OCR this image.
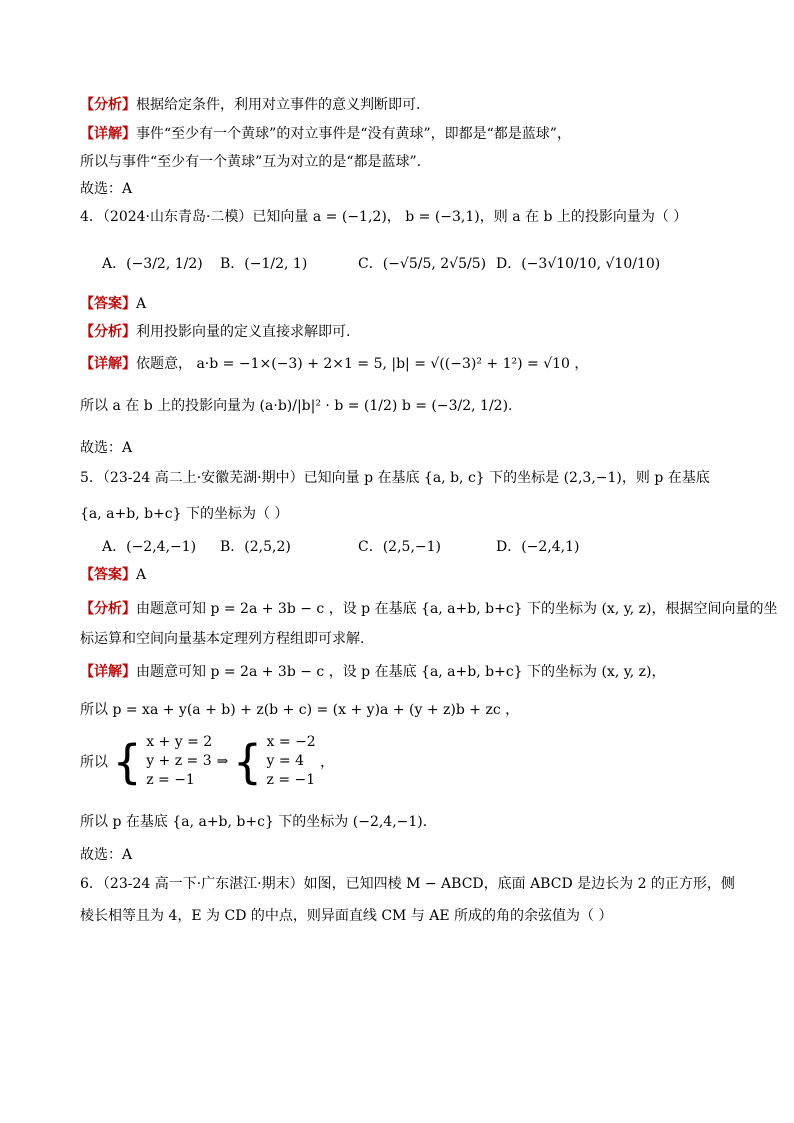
【分析】根据给定条件，利用对立事件的意义判断即可.
【详解】事件“至少有一个黄球”的对立事件是“没有黄球”，即都是“都是蓝球”，
所以与事件“至少有一个黄球”互为对立的是“都是蓝球”.
故选：A
4．（2024·山东青岛·二模）已知向量 a = (−1,2)， b = (−3,1)，则 a 在 b 上的投影向量为（ ）
A．(−3/2, 1/2) B．(−1/2, 1)	C．(−√5/5, 2√5/5) D．(−3√10/10, √10/10)
【答案】A
【分析】利用投影向量的定义直接求解即可.
【详解】依题意， a·b = −1×(−3) + 2×1 = 5, |b| = √((−3)² + 1²) = √10 ，
所以 a 在 b 上的投影向量为 (a·b)/|b|² · b = (1/2) b = (−3/2, 1/2).
故选：A
5．（23-24 高二上·安徽芜湖·期中）已知向量 p 在基底 {a, b, c} 下的坐标是 (2,3,−1)，则 p 在基底
{a, a+b, b+c} 下的坐标为（ ）
A．(−2,4,−1) B．(2,5,2)	C．(2,5,−1)	D．(−2,4,1)
【答案】A
【分析】由题意可知 p = 2a + 3b − c ，设 p 在基底 {a, a+b, b+c} 下的坐标为 (x, y, z)，根据空间向量的坐
标运算和空间向量基本定理列方程组即可求解.
【详解】由题意可知 p = 2a + 3b − c ，设 p 在基底 {a, a+b, b+c} 下的坐标为 (x, y, z)，
所以 p = xa + y(a + b) + z(b + c) = (x + y)a + (y + z)b + zc ，
所以 { x + y = 2
y + z = 3
z = −1
⇒ { x = −2
y = 4
z = −1
，
所以 p 在基底 {a, a+b, b+c} 下的坐标为 (−2,4,−1).
故选：A
6．（23-24 高一下·广东湛江·期末）如图，已知四棱 M − ABCD，底面 ABCD 是边长为 2 的正方形，侧
棱长相等且为 4，E 为 CD 的中点，则异面直线 CM 与 AE 所成的角的余弦值为（ ）
